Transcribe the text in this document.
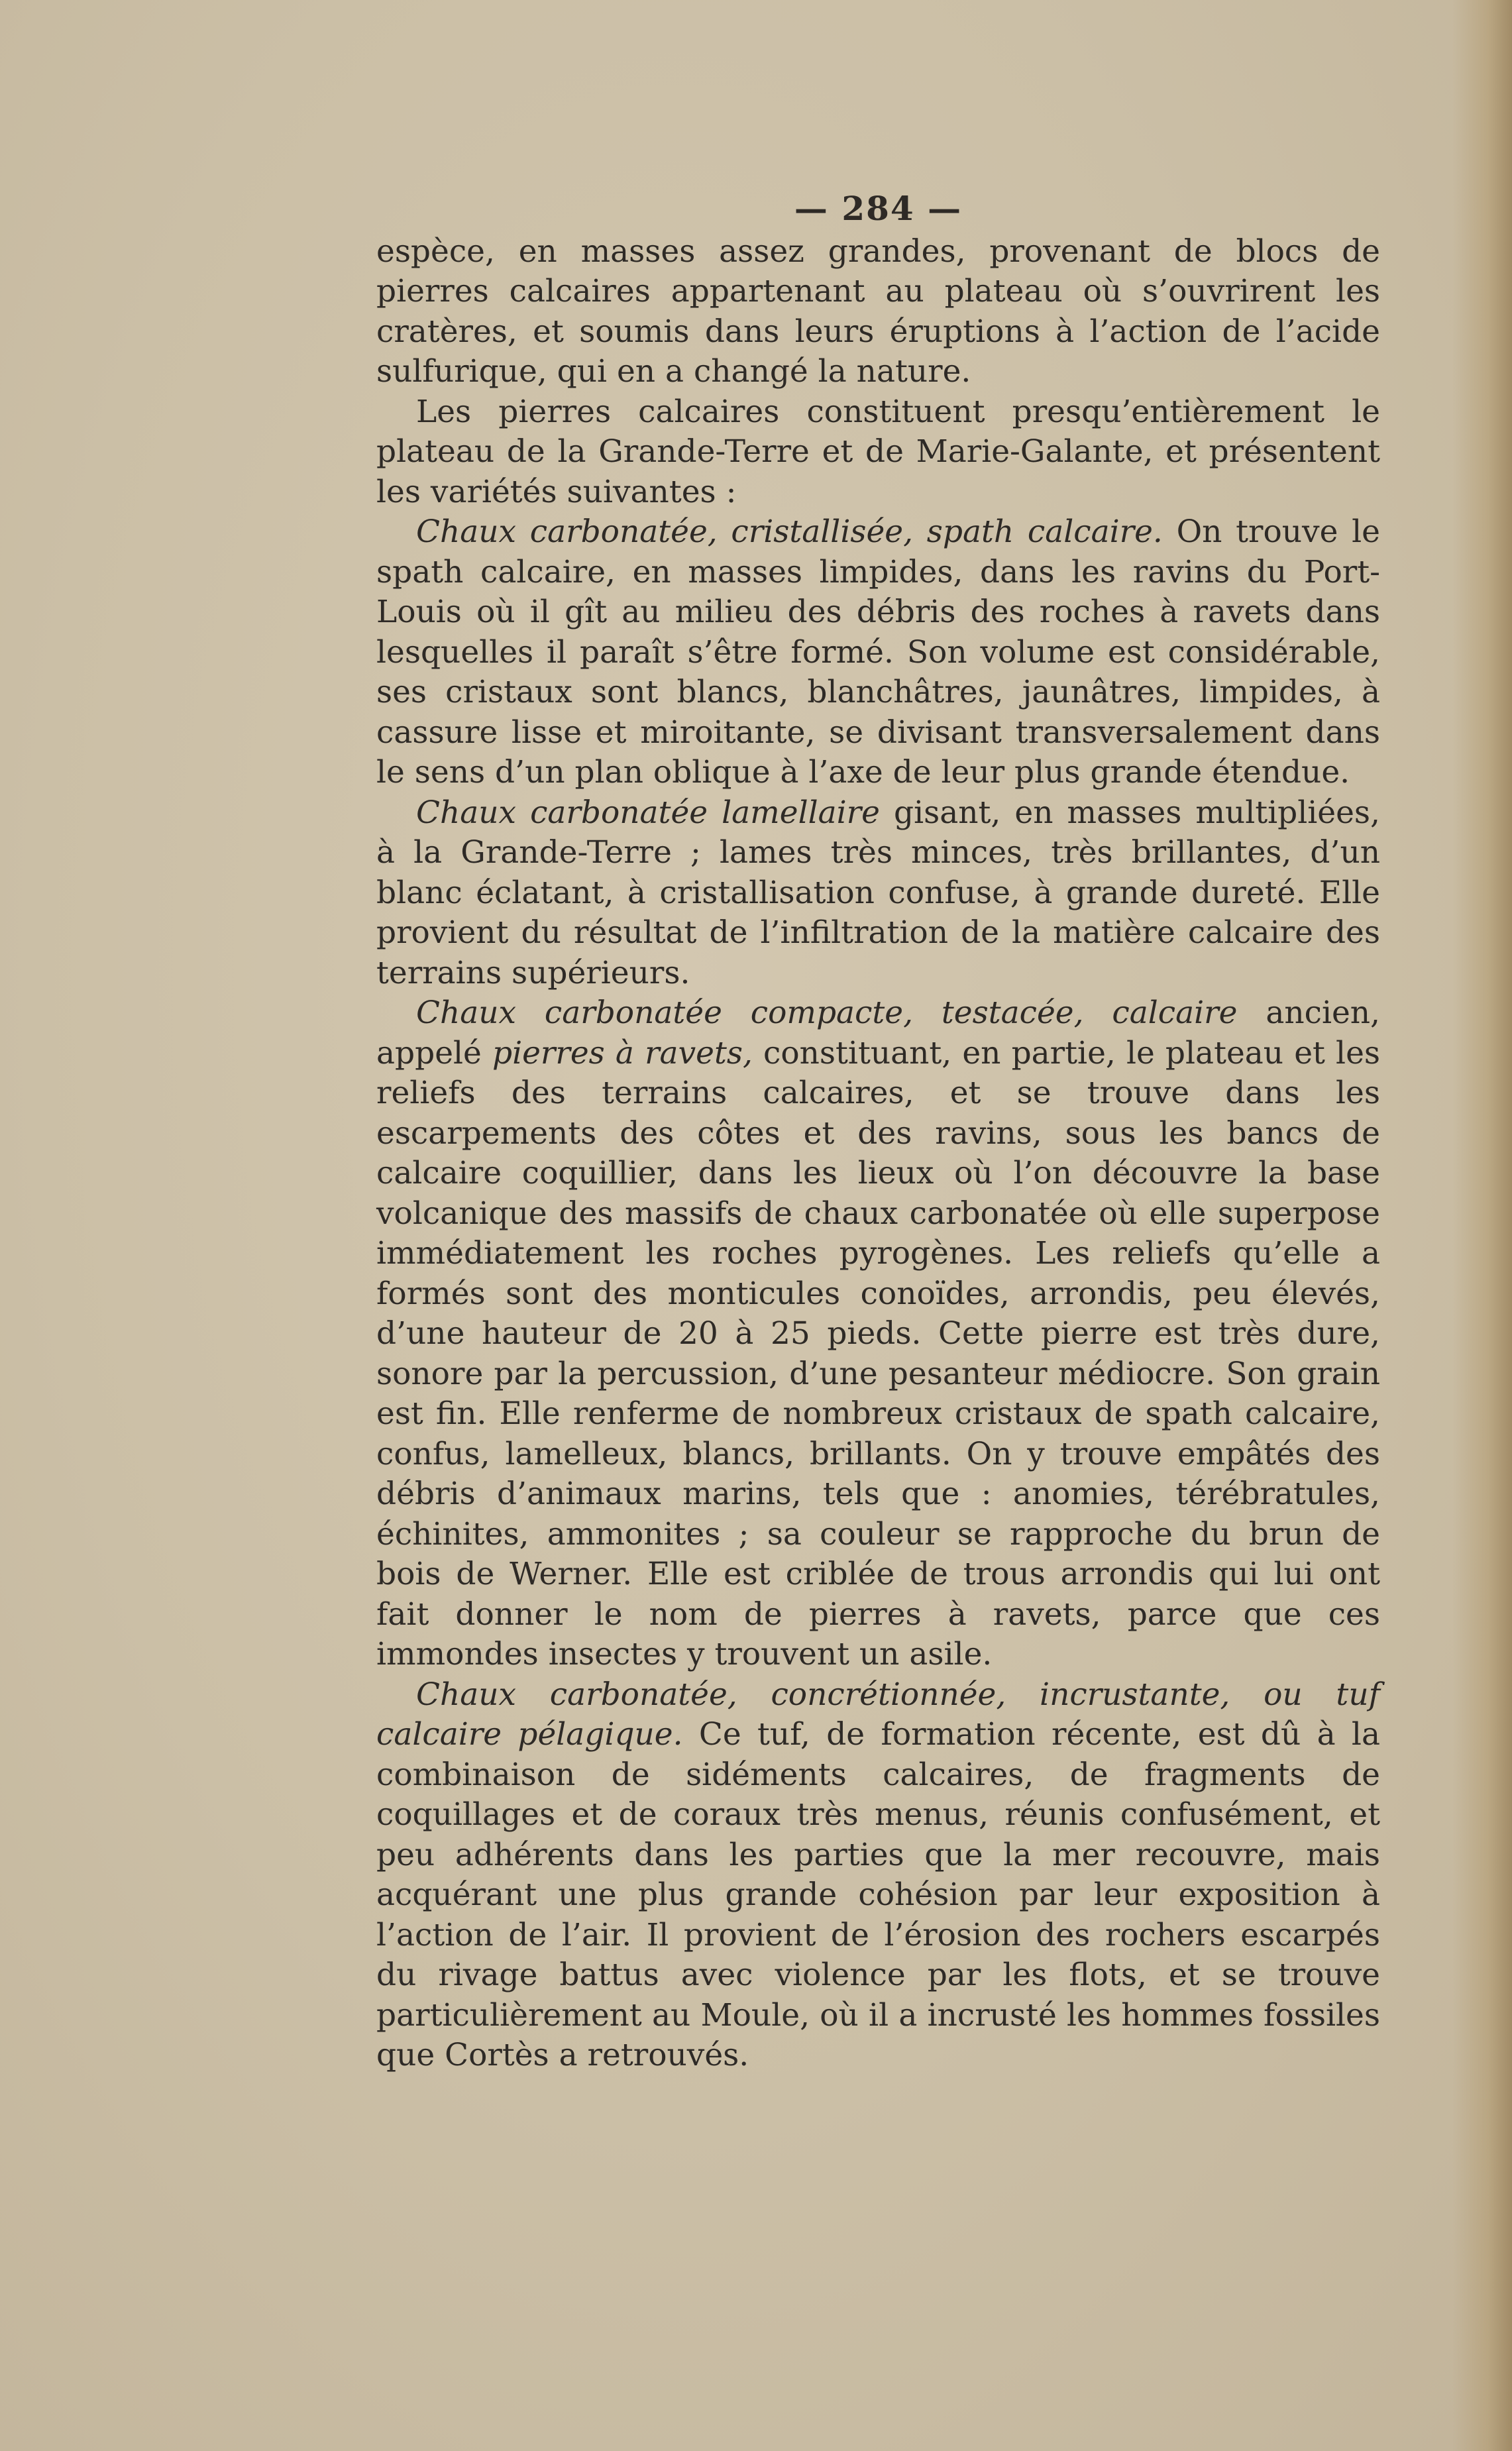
— 284 —

espèce, en masses assez grandes, provenant de blocs de pierres calcaires appartenant au plateau où s’ouvrirent les cratères, et soumis dans leurs éruptions à l’action de l’acide sulfurique, qui en a changé la nature.

Les pierres calcaires constituent presqu’entièrement le plateau de la Grande-Terre et de Marie-Galante, et présentent les variétés suivantes :

Chaux carbonatée, cristallisée, spath calcaire. On trouve le spath calcaire, en masses limpides, dans les ravins du Port-Louis où il gît au milieu des débris des roches à ravets dans lesquelles il paraît s’être formé. Son volume est considérable, ses cristaux sont blancs, blanchâtres, jaunâtres, limpides, à cassure lisse et miroitante, se divisant transversalement dans le sens d’un plan oblique à l’axe de leur plus grande étendue.

Chaux carbonatée lamellaire gisant, en masses multipliées, à la Grande-Terre ; lames très minces, très brillantes, d’un blanc éclatant, à cristallisation confuse, à grande dureté. Elle provient du résultat de l’infiltration de la matière calcaire des terrains supérieurs.

Chaux carbonatée compacte, testacée, calcaire ancien, appelé pierres à ravets, constituant, en partie, le plateau et les reliefs des terrains calcaires, et se trouve dans les escarpements des côtes et des ravins, sous les bancs de calcaire coquillier, dans les lieux où l’on découvre la base volcanique des massifs de chaux carbonatée où elle superpose immédiatement les roches pyrogènes. Les reliefs qu’elle a formés sont des monticules conoïdes, arrondis, peu élevés, d’une hauteur de 20 à 25 pieds. Cette pierre est très dure, sonore par la percussion, d’une pesanteur médiocre. Son grain est fin. Elle renferme de nombreux cristaux de spath calcaire, confus, lamelleux, blancs, brillants. On y trouve empâtés des débris d’animaux marins, tels que : anomies, térébratules, échinites, ammonites ; sa couleur se rapproche du brun de bois de Werner. Elle est criblée de trous arrondis qui lui ont fait donner le nom de pierres à ravets, parce que ces immondes insectes y trouvent un asile.

Chaux carbonatée, concrétionnée, incrustante, ou tuf calcaire pélagique. Ce tuf, de formation récente, est dû à la combinaison de sidéments calcaires, de fragments de coquillages et de coraux très menus, réunis confusément, et peu adhérents dans les parties que la mer recouvre, mais acquérant une plus grande cohésion par leur exposition à l’action de l’air. Il provient de l’érosion des rochers escarpés du rivage battus avec violence par les flots, et se trouve particulièrement au Moule, où il a incrusté les hommes fossiles que Cortès a retrouvés.
